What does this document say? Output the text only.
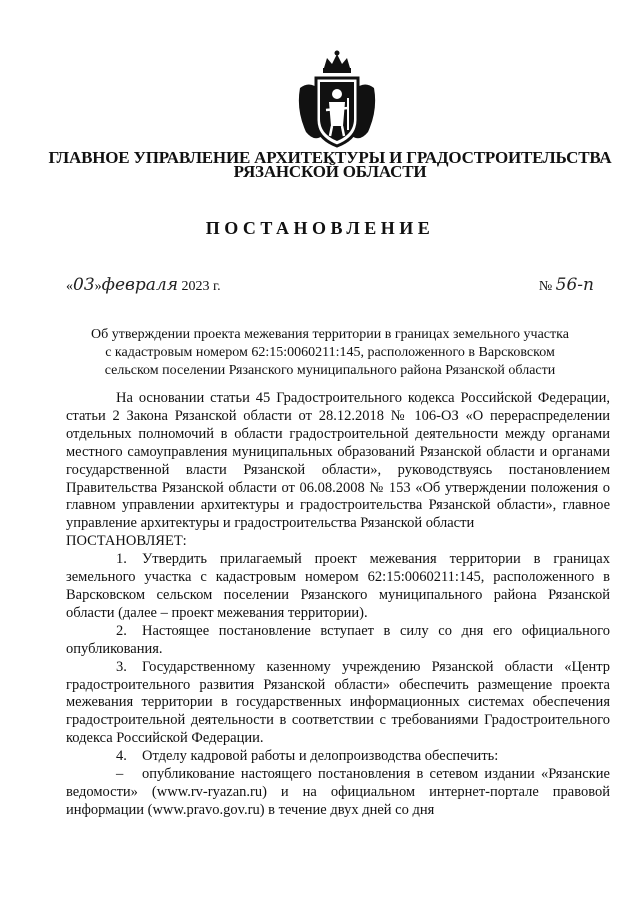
ГЛАВНОЕ УПРАВЛЕНИЕ АРХИТЕКТУРЫ И ГРАДОСТРОИТЕЛЬСТВА
РЯЗАНСКОЙ ОБЛАСТИ
ПОСТАНОВЛЕНИЕ
«03»февраля 2023 г.	№ 56-п
Об утверждении проекта межевания территории в границах земельного участка
с кадастровым номером 62:15:0060211:145, расположенного в Варсковском
сельском поселении Рязанского муниципального района Рязанской области

На основании статьи 45 Градостроительного кодекса Российской Федерации, статьи 2 Закона Рязанской области от 28.12.2018 № 106-ОЗ «О перераспределении отдельных полномочий в области градостроительной деятельности между органами местного самоуправления муниципальных образований Рязанской области и органами государственной власти Рязанской области», руководствуясь постановлением Правительства Рязанской области от 06.08.2008 № 153 «Об утверждении положения о главном управлении архитектуры и градостроительства Рязанской области», главное управление архитектуры и градостроительства Рязанской области

ПОСТАНОВЛЯЕТ:

1. Утвердить прилагаемый проект межевания территории в границах земельного участка с кадастровым номером 62:15:0060211:145, расположенного в Варсковском сельском поселении Рязанского муниципального района Рязанской области (далее – проект межевания территории).

2. Настоящее постановление вступает в силу со дня его официального опубликования.

3. Государственному казенному учреждению Рязанской области «Центр градостроительного развития Рязанской области» обеспечить размещение проекта межевания территории в государственных информационных системах обеспечения градостроительной деятельности в соответствии с требованиями Градостроительного кодекса Российской Федерации.

4. Отделу кадровой работы и делопроизводства обеспечить:

– опубликование настоящего постановления в сетевом издании «Рязанские ведомости» (www.rv-ryazan.ru) и на официальном интернет-портале правовой информации (www.pravo.gov.ru) в течение двух дней со дня
